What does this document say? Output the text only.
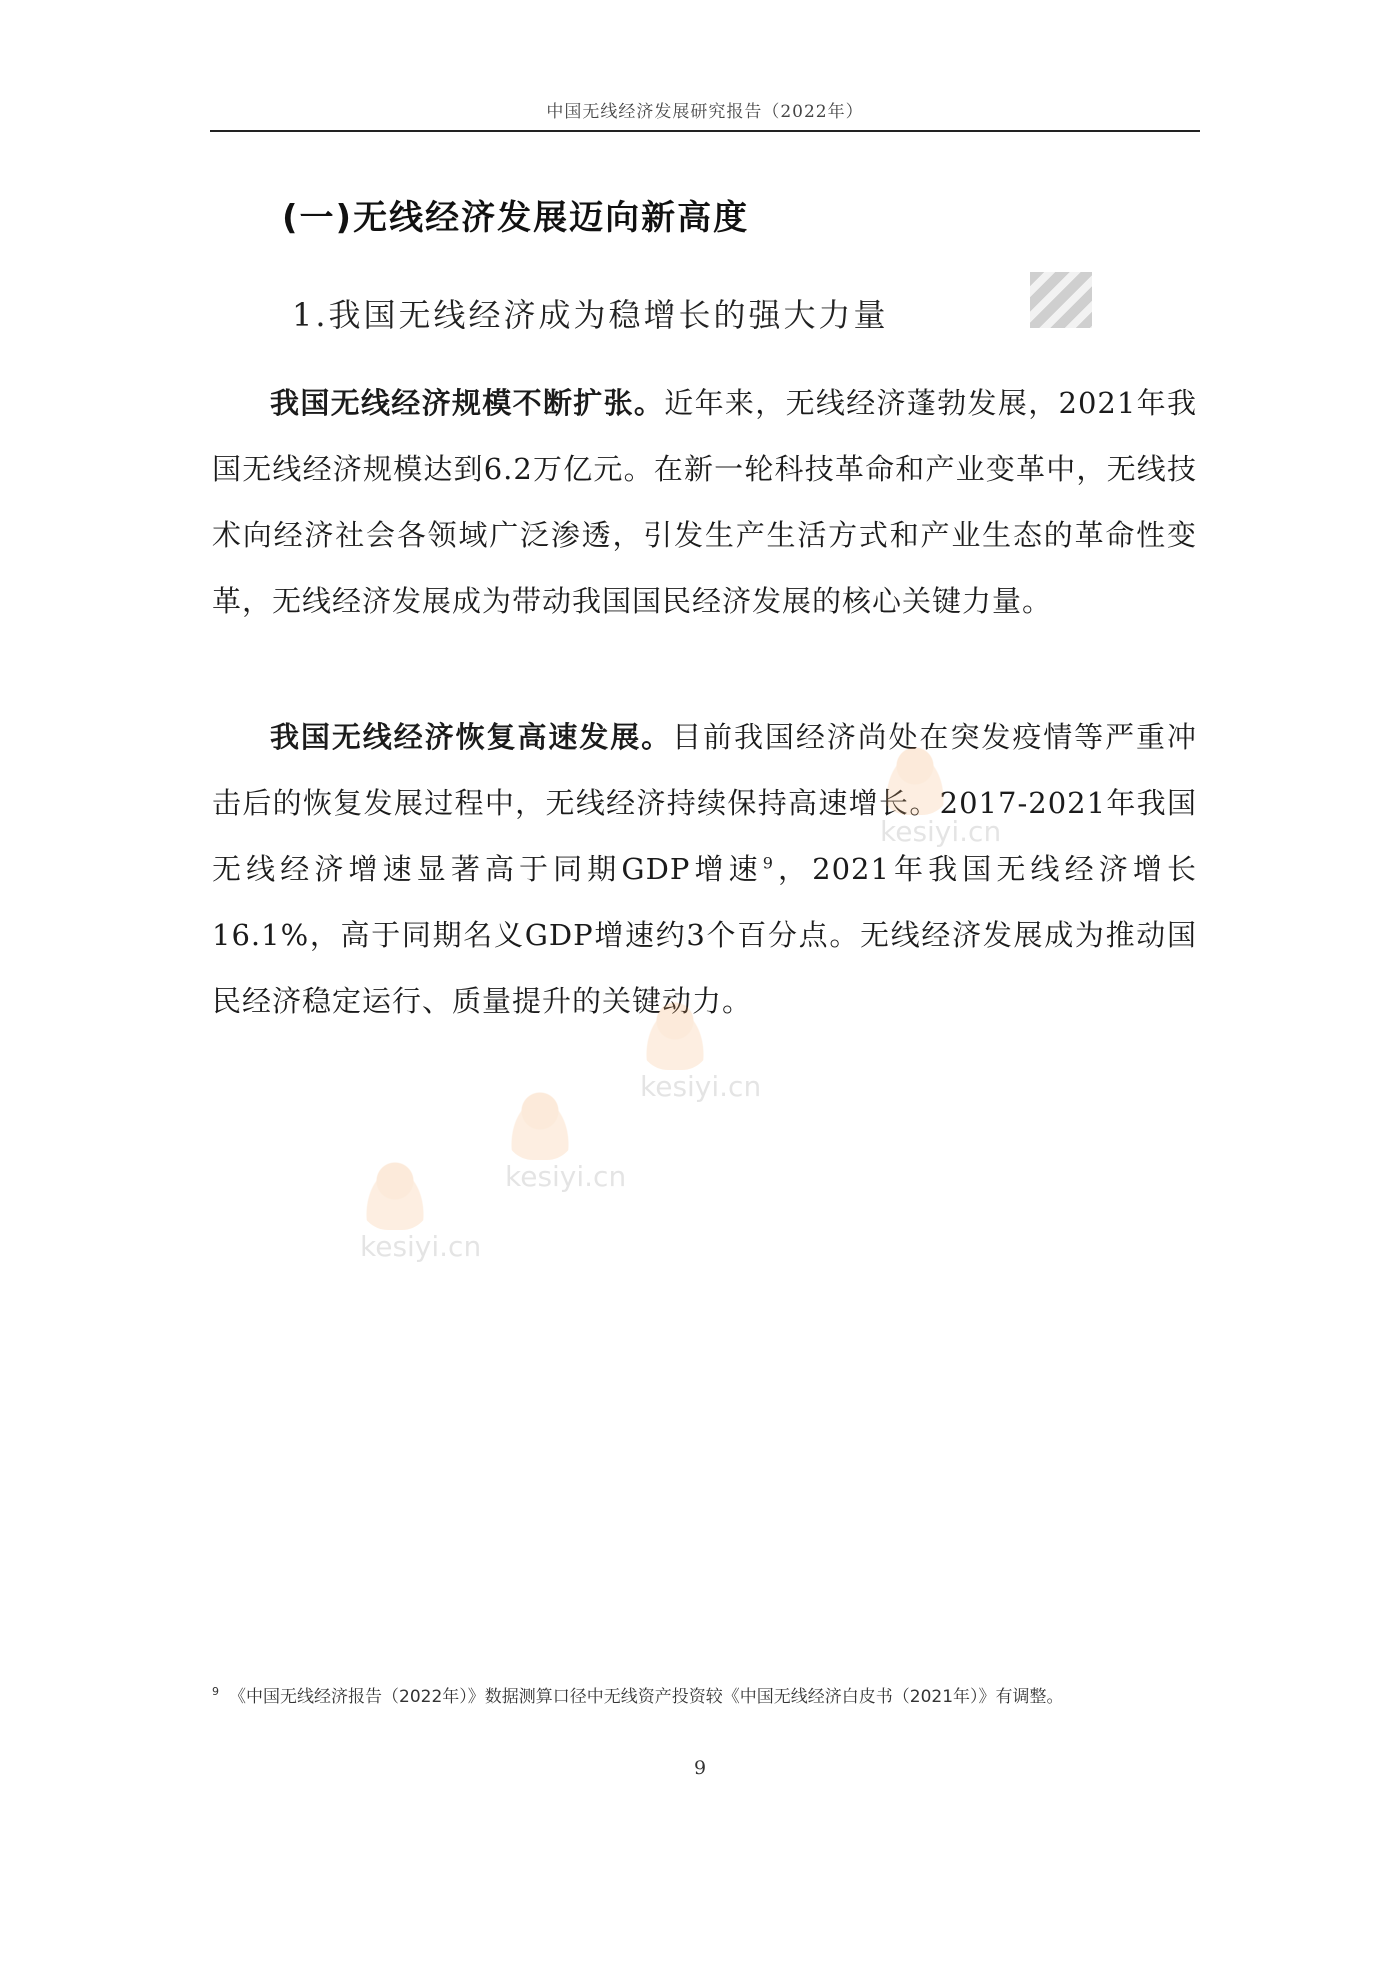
中国无线经济发展研究报告（2022年）
(一)无线经济发展迈向新高度
1.我国无线经济成为稳增长的强大力量
我国无线经济规模不断扩张。近年来，无线经济蓬勃发展，2021年我国无线经济规模达到6.2万亿元。在新一轮科技革命和产业变革中，无线技术向经济社会各领域广泛渗透，引发生产生活方式和产业生态的革命性变革，无线经济发展成为带动我国国民经济发展的核心关键力量。
我国无线经济恢复高速发展。目前我国经济尚处在突发疫情等严重冲击后的恢复发展过程中，无线经济持续保持高速增长。2017-2021年我国无线经济增速显著高于同期GDP增速$^9$，2021年我国无线经济增长16.1%，高于同期名义GDP增速约3个百分点。无线经济发展成为推动国民经济稳定运行、质量提升的关键动力。
kesiyi.cn
kesiyi.cn
kesiyi.cn
kesiyi.cn
$^9$ 《中国无线经济报告（2022年）》数据测算口径中无线资产投资较《中国无线经济白皮书（2021年）》有调整。
9
